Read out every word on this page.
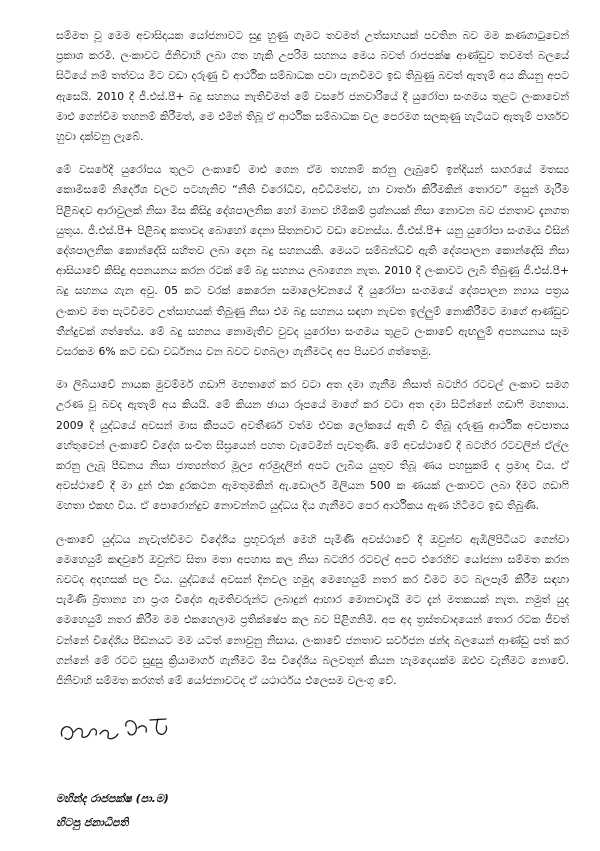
සම්මත වූ මෙම අවාසිදායක යෝජනාවට සුදු හුණු ගෑමට තවමත් උත්සාහයක් පවතින බව මම කණගාටුවෙන් ප්‍රකාශ කරමි. ලංකාවට ජිනිවාහි ලබා ගත හැකි උපරිම සහනය මෙය බවත් රාජපක්ෂ ආණ්ඩුව තවමත් බලයේ සිටියේ නම් තත්වය මීට වඩා දරුණු වී ආර්ථික සම්බාධක පවා පැනවීමට ඉඩ තිබුණු බවත් ඇතැම් අය කියනු අපට ඇසෙයි. 2010 දී ජී.එස්.පී+ බදු සහනය නැතිවීමත් මේ වසරේ ජනවාරියේ දී යුරෝපා සංගමය තුළට ලංකාවෙන් මාළු ගෙන්වීම තහනම් කිරීමත්, මෙ එමින් තිබූ ඒ ආර්ථික සම්බාධක වල පෙරමග සලකුණු හැටියට ඇතැම් පාර්ශව හුවා දක්වනු ලැබේ.

මේ වසරේදී යුරෝපය තුලට ලංකාවේ මාළු ගෙන ඒම තහනම් කරනු ලැබුවේ ඉන්දියන් සාගරයේ මතස්‍ය කොමිසමේ නිර්දේශ වලට පටහැනිව “නීති විරෝධීව, අවිධිමත්ව, හා වාර්තා කිරීමකින් තොරව” මසුන් මැරීම පිළිබඳව ආරාවුලක් නිසා මිස කිසිදු දේශපාලනික හෝ මානව හිමිකම් ප්‍රශ්නයක් නිසා නොවන බව ජනතාව දැනගත යුතුය. ජී.එස්.පී+ පිළිබඳ කතාවද බොහෝ දෙනා සිතනවාට වඩා වෙනස්ය. ජී.එස්.පී+ යනු යුරෝපා සංගමය විසින් දේශපාලනික කොන්දේසි සහිතව ලබා දෙන බදු සහනයකි. මෙයට සම්බන්ධවී ඇති දේශපාලන කොන්දේසි නිසා ආසියාවේ කිසිදු අපනයනය කරන රටක් මේ බදු සහනය ලබාගෙන නැත. 2010 දී ලංකාවට ලැබී තිබුණු ජී.එස්.පී+ බදු සහනය ගැන අවු. 05 කට වරක් කෙරෙන සමාලෝචනයේ දී යුරෝපා සංගමයේ දේශපාලන න්‍යාය පත්‍රය ලංකාව මත පැටවීමට උත්සාහයක් තිබුණු නිසා එම බදු සහනය සඳහා නැවත ඉල්ලුම් නොකිරීමට මාගේ ආණ්ඩුව තීන්දුවක් ගත්තේය. මේ බදු සහනය නොමැතිව වුවද යුරෝපා සංගමය තුළට ලංකාවේ ඇඟලුම් අපනයනය සෑම වසරකම 6% කට වඩා වර්ධනය වන බවට වගබලා ගැනීමටද අප පියවර ගත්තෙමු.

මා ලිබියාවේ නායක මුවම්මර් ගඩාෆි මහතාගේ කර වටා අත දමා ගැනීම නිසාත් බටහිර රටවල් ලංකාව සමග උරණ වූ බවද ඇතැම් අය කියයි. මේ කියන ඡායා රූපයේ මාගේ කර වටා අත දමා සිටින්නේ ගඩාෆි මහතාය. 2009 දී යුද්ධයේ අවසන් මාස කීපයට අවතීර්ණ වත්ම එවක ලෝකයේ ඇති වී තිබූ දරුණු ආර්ථික අවපාතය හේතුවෙන් ලංකාවේ විදේශ සංචිත සීඝ්‍රයෙන් පහත වැටෙමින් පැවතුණි. මේ අවස්ථාවේ දී බටහිර රටවලින් ඒල්ල කරනු ලැබූ පීඩනය නිසා ජාත්‍යන්තර මූල්‍ය අරමුදලින් අපට ලැබිය යුතුව තිබූ ණය පහසුකම් ද ප්‍රමාද විය. ඒ අවස්ථාවේ දී මා දුන් එක දුරකථන ඇමතුමකින් ඇ.ඩොලර් මිලියන 500 ක ණයක් ලංකාවට ලබා දීමට ගඩාෆි මහතා එකඟ විය. ඒ පොරොන්දුව නොවන්නට යුද්ධය දිය ගැනීමට පෙර ආර්ථිකය ඇණ හිටීමට ඉඩ තිබුණි.

ලංකාවේ යුද්ධය නැවැත්වීමට විදේශීය ප්‍රභූවරුන් මෙහි පැමිණි අවස්ථාවේ දී ඔවුන්ව ඇඹිලිපිටියට ගෙන්වා මෙහෙයුම් කඳවුරේ ඔවුන්ට සිතා මතා අපහාස කල නිසා බටහිර රටවල් අපට එරෙහිව යෝජනා සම්මත කරන බවටද අදහසක් පල විය. යුද්ධයේ අවසන් දිනවල හමුදා මෙහෙයුම් නතර කර වීමට මට බලපෑම් කිරීම සඳහා පැමිණි බ්‍රිතාන්‍ය හා ප්‍රංශ විදේශ ඇමතිවරුන්ට ලබාදුන් ආහාර මොනවාදැයි මට දැන් මතකයක් නැත. නමුත් යුද මෙහෙයුම් නතර කිරීම මම එකහෙලාම ප්‍රතික්ෂේප කල බව පිළිගනිමි. අප අද ත්‍රස්තවාදයෙන් තොර රටක ජීවත් වන්නේ විදේශීය පීඩනයට මම යටත් නොවුනු නිසාය. ලංකාවේ ජනතාව සර්වජන ඡන්ද බලයෙන් ආණ්ඩු පත් කර ගන්නේ මේ රටට සුදුසු ක්‍රියාමාර්ග ගැනීමට මිස විදේශීය බලවතුන් කියන හැමදෙයක්ම ඔළුව වැනීමට නොවේ. ජිනිවාහි සම්මත කරගත් මේ යෝජනාවටද ඒ යථාර්ථය එලෙසම වලංගු වේ.

මහින්ද රාජපක්ෂ (පා.ම)

හිටපු ජනාධිපති
